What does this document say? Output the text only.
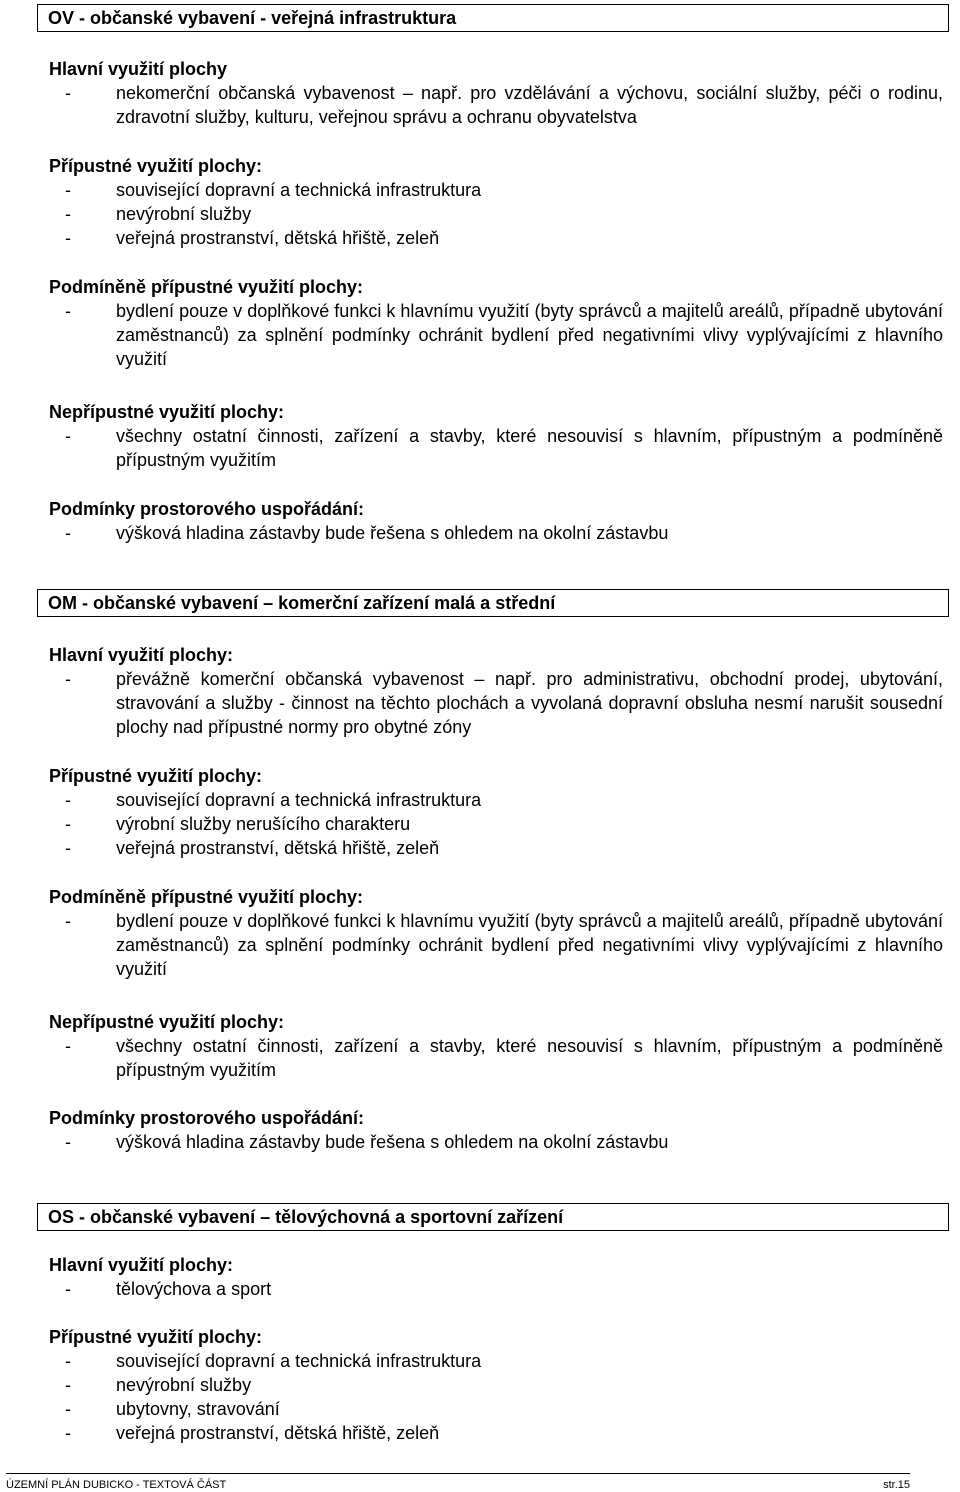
OV - občanské vybavení - veřejná infrastruktura
Hlavní využití plochy
-	nekomerční občanská vybavenost – např. pro vzdělávání a výchovu, sociální služby, péči o rodinu, zdravotní služby, kulturu, veřejnou správu a ochranu obyvatelstva
Přípustné využití plochy:
-	související dopravní a technická infrastruktura
-	nevýrobní služby
-	veřejná prostranství, dětská hřiště, zeleň
Podmíněně přípustné využití plochy:
-	bydlení pouze v doplňkové funkci k hlavnímu využití (byty správců a majitelů areálů, případně ubytování zaměstnanců) za splnění podmínky ochránit bydlení před negativními vlivy vyplývajícími z hlavního využití
Nepřípustné využití plochy:
-	všechny ostatní činnosti, zařízení a stavby, které nesouvisí s hlavním, přípustným a podmíněně přípustným využitím
Podmínky prostorového uspořádání:
-	výšková hladina zástavby bude řešena s ohledem na okolní zástavbu
OM - občanské vybavení – komerční zařízení malá a střední
Hlavní využití plochy:
-	převážně komerční občanská vybavenost – např. pro administrativu, obchodní prodej, ubytování, stravování a služby - činnost na těchto plochách a vyvolaná dopravní obsluha nesmí narušit sousední plochy nad přípustné normy pro obytné zóny
Přípustné využití plochy:
-	související dopravní a technická infrastruktura
-	výrobní služby nerušícího charakteru
-	veřejná prostranství, dětská hřiště, zeleň
Podmíněně přípustné využití plochy:
-	bydlení pouze v doplňkové funkci k hlavnímu využití (byty správců a majitelů areálů, případně ubytování zaměstnanců) za splnění podmínky ochránit bydlení před negativními vlivy vyplývajícími z hlavního využití
Nepřípustné využití plochy:
-	všechny ostatní činnosti, zařízení a stavby, které nesouvisí s hlavním, přípustným a podmíněně přípustným využitím
Podmínky prostorového uspořádání:
-	výšková hladina zástavby bude řešena s ohledem na okolní zástavbu
OS - občanské vybavení – tělovýchovná a sportovní zařízení
Hlavní využití plochy:
-	tělovýchova a sport
Přípustné využití plochy:
-	související dopravní a technická infrastruktura
-	nevýrobní služby
-	ubytovny, stravování
-	veřejná prostranství, dětská hřiště, zeleň
ÚZEMNÍ PLÁN DUBICKO - TEXTOVÁ ČÁST	str.15
